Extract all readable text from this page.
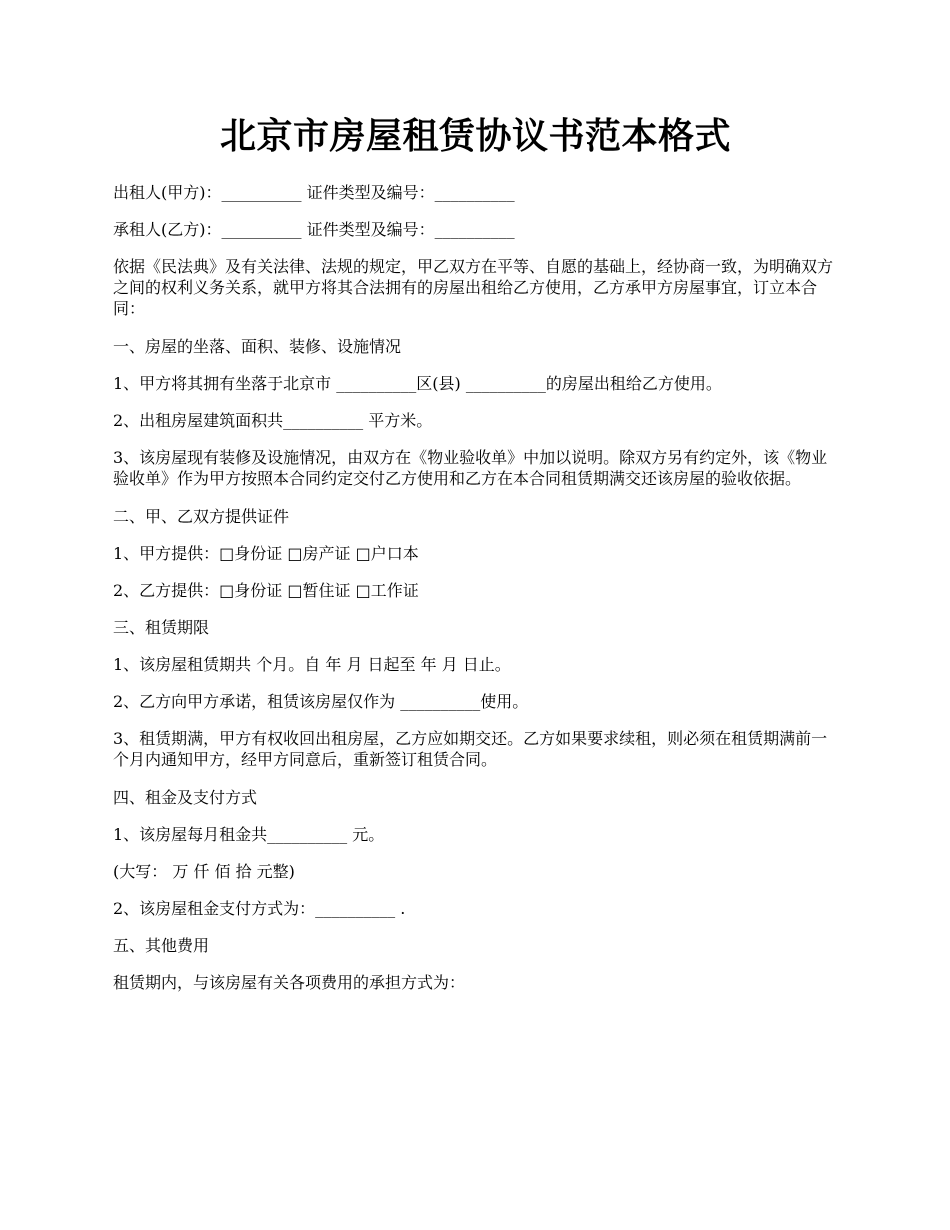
北京市房屋租赁协议书范本格式

出租人(甲方)：__________ 证件类型及编号：__________

承租人(乙方)：__________ 证件类型及编号：__________

依据《民法典》及有关法律、法规的规定，甲乙双方在平等、自愿的基础上，经协商一致，为明确双方之间的权利义务关系，就甲方将其合法拥有的房屋出租给乙方使用，乙方承甲方房屋事宜，订立本合同：

一、房屋的坐落、面积、装修、设施情况

1、甲方将其拥有坐落于北京市 __________区(县) __________的房屋出租给乙方使用。

2、出租房屋建筑面积共__________ 平方米。

3、该房屋现有装修及设施情况，由双方在《物业验收单》中加以说明。除双方另有约定外，该《物业验收单》作为甲方按照本合同约定交付乙方使用和乙方在本合同租赁期满交还该房屋的验收依据。

二、甲、乙双方提供证件

1、甲方提供：□身份证 □房产证 □户口本

2、乙方提供：□身份证 □暂住证 □工作证

三、租赁期限

1、该房屋租赁期共 个月。自 年 月 日起至 年 月 日止。

2、乙方向甲方承诺，租赁该房屋仅作为 __________使用。

3、租赁期满，甲方有权收回出租房屋，乙方应如期交还。乙方如果要求续租，则必须在租赁期满前一个月内通知甲方，经甲方同意后，重新签订租赁合同。

四、租金及支付方式

1、该房屋每月租金共__________ 元。

(大写： 万 仟 佰 拾 元整)

2、该房屋租金支付方式为：__________ .

五、其他费用

租赁期内，与该房屋有关各项费用的承担方式为：
